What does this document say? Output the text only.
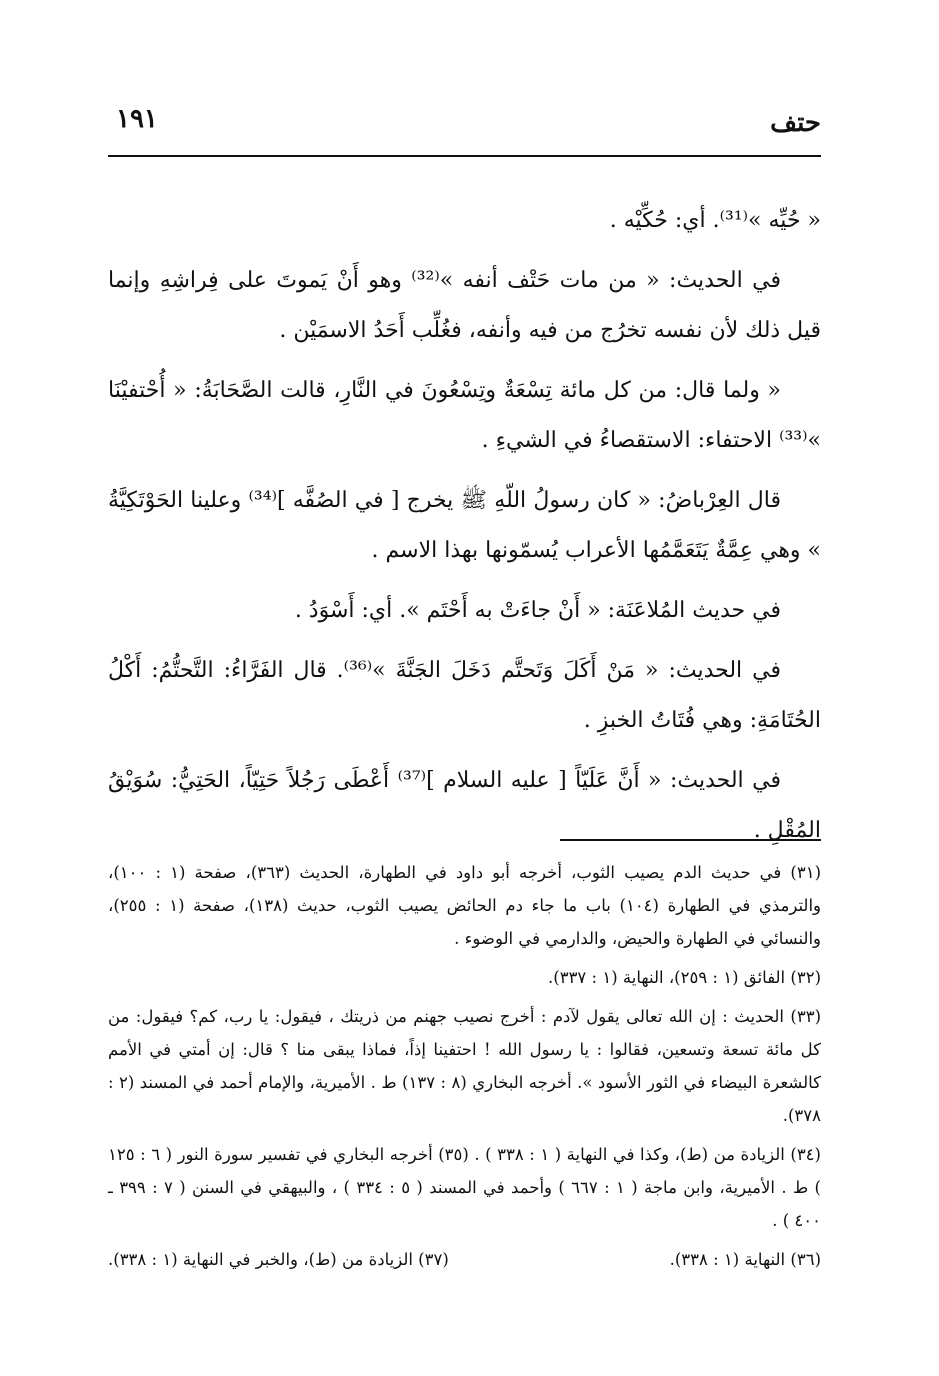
حتف
١٩١

« حُيِّه »⁽³¹⁾. أي: حُكِّيْه .

في الحديث: « من مات حَتْف أنفه »⁽³²⁾ وهو أَنْ يَموتَ على فِراشِهِ وإنما قيل ذلك لأن نفسه تخرُج من فيه وأنفه، فغُلِّب أَحَدُ الاسمَيْن .

« ولما قال: من كل مائة تِسْعَةٌ وتِسْعُونَ في النَّارِ، قالت الصَّحَابَةُ: « أُحْتفيْنَا »⁽³³⁾ الاحتفاء: الاستقصاءُ في الشيءِ .

قال العِرْباضُ: « كان رسولُ اللّهِ ﷺ يخرج [ في الصُفَّه ]⁽³⁴⁾ وعلينا الحَوْتَكِيَّةُ » وهي عِمَّةٌ يَتَعَمَّمُها الأعراب يُسمّونها بهذا الاسم .

في حديث المُلاعَنَة: « أَنْ جاءَتْ به أَحْتَم ». أي: أَسْوَدُ .

في الحديث: « مَنْ أَكَلَ وَتَحتَّم دَخَلَ الجَنَّةَ »⁽³⁶⁾. قال الفَرَّاءُ: التَّحتُّمُ: أَكْلُ الحُتَامَةِ: وهي فُتَاتُ الخبزِ .

في الحديث: « أَنَّ عَلَيّاً [ عليه السلام ]⁽³⁷⁾ أَعْطَى رَجُلاً حَتِيّاً، الحَتِيُّ: سُوَيْقُ المُقْلِ .

(٣١) في حديث الدم يصيب الثوب، أخرجه أبو داود في الطهارة، الحديث (٣٦٣)، صفحة (١ : ١٠٠)، والترمذي في الطهارة (١٠٤) باب ما جاء دم الحائض يصيب الثوب، حديث (١٣٨)، صفحة (١ : ٢٥٥)، والنسائي في الطهارة والحيض، والدارمي في الوضوء .

(٣٢) الفائق (١ : ٢٥٩)، النهاية (١ : ٣٣٧).

(٣٣) الحديث : إن الله تعالى يقول لآدم : أخرج نصيب جهنم من ذريتك ، فيقول: يا رب، كم؟ فيقول: من كل مائة تسعة وتسعين، فقالوا : يا رسول الله ! احتفينا إذاً، فماذا يبقى منا ؟ قال: إن أمتي في الأمم كالشعرة البيضاء في الثور الأسود ». أخرجه البخاري (٨ : ١٣٧) ط . الأميرية، والإمام أحمد في المسند (٢ : ٣٧٨).

(٣٤) الزيادة من (ط)، وكذا في النهاية ( ١ : ٣٣٨ ) . (٣٥) أخرجه البخاري في تفسير سورة النور ( ٦ : ١٢٥ ) ط . الأميرية، وابن ماجة ( ١ : ٦٦٧ ) وأحمد في المسند ( ٥ : ٣٣٤ ) ، والبيهقي في السنن ( ٧ : ٣٩٩ ـ ٤٠٠ ) .

(٣٦) النهاية (١ : ٣٣٨).
(٣٧) الزيادة من (ط)، والخبر في النهاية (١ : ٣٣٨).
